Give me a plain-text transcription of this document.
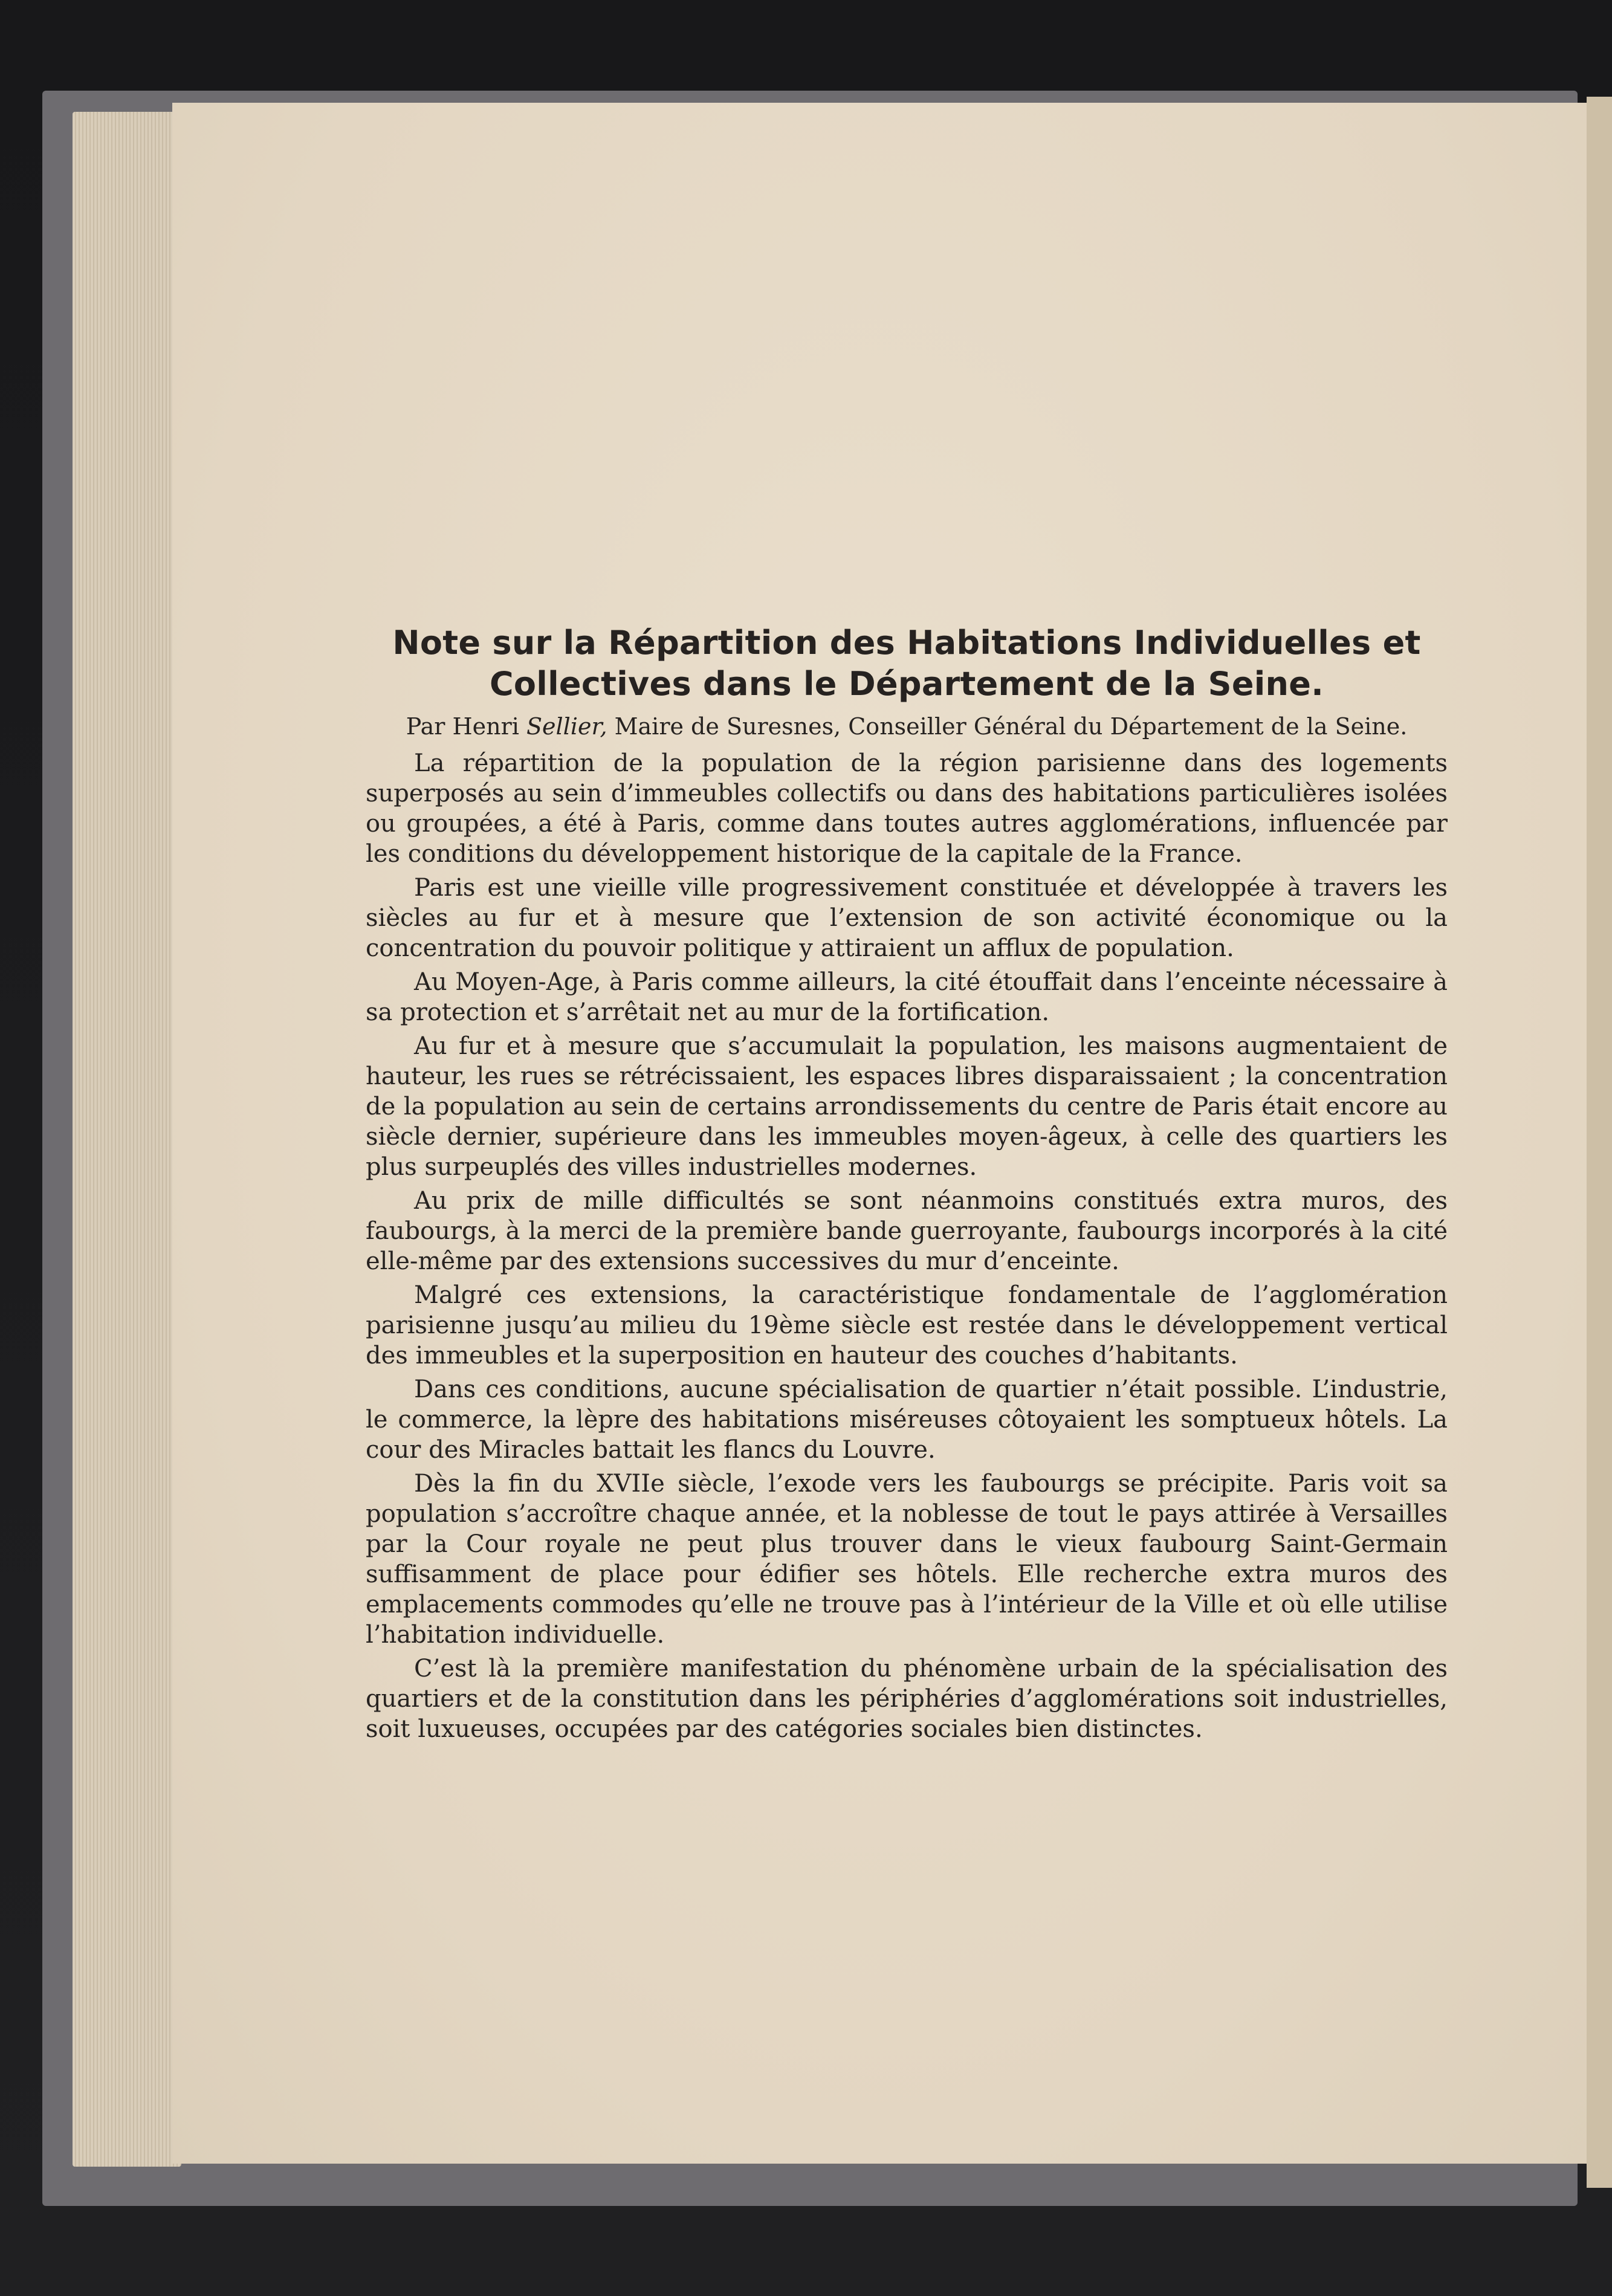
Note sur la Répartition des Habitations Individuelles et Collectives dans le Département de la Seine.
Par Henri Sellier, Maire de Suresnes, Conseiller Général du Département de la Seine.

La répartition de la population de la région parisienne dans des logements superposés au sein d’immeubles collectifs ou dans des habitations particulières isolées ou groupées, a été à Paris, comme dans toutes autres agglomérations, influencée par les conditions du développement historique de la capitale de la France.

Paris est une vieille ville progressivement constituée et développée à travers les siècles au fur et à mesure que l’extension de son activité économique ou la concentration du pouvoir politique y attiraient un afflux de population.

Au Moyen-Age, à Paris comme ailleurs, la cité étouffait dans l’enceinte nécessaire à sa protection et s’arrêtait net au mur de la fortification.

Au fur et à mesure que s’accumulait la population, les maisons augmentaient de hauteur, les rues se rétrécissaient, les espaces libres disparaissaient ; la concentration de la population au sein de certains arrondissements du centre de Paris était encore au siècle dernier, supérieure dans les immeubles moyen-âgeux, à celle des quartiers les plus surpeuplés des villes industrielles modernes.

Au prix de mille difficultés se sont néanmoins constitués extra muros, des faubourgs, à la merci de la première bande guerroyante, faubourgs incorporés à la cité elle-même par des extensions successives du mur d’enceinte.

Malgré ces extensions, la caractéristique fondamentale de l’agglomération parisienne jusqu’au milieu du 19ème siècle est restée dans le développement vertical des immeubles et la superposition en hauteur des couches d’habitants.

Dans ces conditions, aucune spécialisation de quartier n’était possible. L’industrie, le commerce, la lèpre des habitations miséreuses côtoyaient les somptueux hôtels. La cour des Miracles battait les flancs du Louvre.

Dès la fin du XVIIe siècle, l’exode vers les faubourgs se précipite. Paris voit sa population s’accroître chaque année, et la noblesse de tout le pays attirée à Versailles par la Cour royale ne peut plus trouver dans le vieux faubourg Saint-Germain suffisamment de place pour édifier ses hôtels. Elle recherche extra muros des emplacements commodes qu’elle ne trouve pas à l’intérieur de la Ville et où elle utilise l’habitation individuelle.

C’est là la première manifestation du phénomène urbain de la spécialisation des quartiers et de la constitution dans les périphéries d’agglomérations soit industrielles, soit luxueuses, occupées par des catégories sociales bien distinctes.
